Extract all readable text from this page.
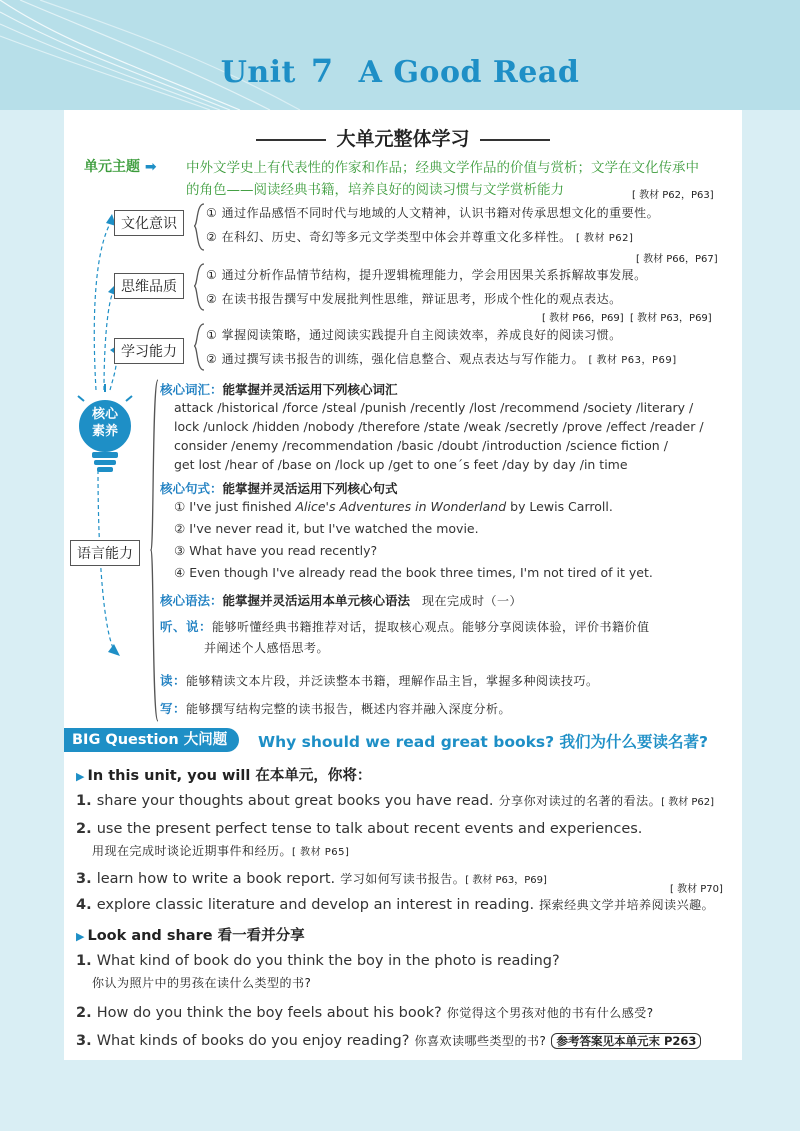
Unit 7 A Good Read
大单元整体学习
单元主题 ➡ 中外文学史上有代表性的作家和作品；经典文学作品的价值与赏析；文学在文化传承中
的角色——阅读经典书籍，培养良好的阅读习惯与文学赏析能力	[ 教材 P62，P63]
文化意识
① 通过作品感悟不同时代与地域的人文精神，认识书籍对传承思想文化的重要性。
② 在科幻、历史、奇幻等多元文学类型中体会并尊重文化多样性。 [ 教材 P62]
[ 教材 P66，P67]
思维品质
① 通过分析作品情节结构，提升逻辑梳理能力，学会用因果关系拆解故事发展。
② 在读书报告撰写中发展批判性思维，辩证思考，形成个性化的观点表达。
[ 教材 P66，P69] [ 教材 P63，P69]
学习能力
① 掌握阅读策略，通过阅读实践提升自主阅读效率，养成良好的阅读习惯。
② 通过撰写读书报告的训练，强化信息整合、观点表达与写作能力。 [ 教材 P63，P69]
核心
素养
语言能力
核心词汇：能掌握并灵活运用下列核心词汇
attack /historical /force /steal /punish /recently /lost /recommend /society /literary /
lock /unlock /hidden /nobody /therefore /state /weak /secretly /prove /effect /reader /
consider /enemy /recommendation /basic /doubt /introduction /science fiction /
get lost /hear of /base on /lock up /get to one´s feet /day by day /in time
核心句式：能掌握并灵活运用下列核心句式
① I've just finished Alice's Adventures in Wonderland by Lewis Carroll.
② I've never read it, but I've watched the movie.
③ What have you read recently?
④ Even though I've already read the book three times, I'm not tired of it yet.
核心语法：能掌握并灵活运用本单元核心语法 现在完成时（一）
听、说：能够听懂经典书籍推荐对话，提取核心观点。能够分享阅读体验，评价书籍价值
并阐述个人感悟思考。
读：能够精读文本片段，并泛读整本书籍，理解作品主旨，掌握多种阅读技巧。
写：能够撰写结构完整的读书报告，概述内容并融入深度分析。
BIG Question 大问题	Why should we read great books? 我们为什么要读名著?
▶ In this unit, you will 在本单元，你将：
1. share your thoughts about great books you have read. 分享你对读过的名著的看法。[ 教材 P62]
2. use the present perfect tense to talk about recent events and experiences.
用现在完成时谈论近期事件和经历。[ 教材 P65]
3. learn how to write a book report. 学习如何写读书报告。[ 教材 P63，P69]
[ 教材 P70]
4. explore classic literature and develop an interest in reading. 探索经典文学并培养阅读兴趣。
▶ Look and share 看一看并分享
1. What kind of book do you think the boy in the photo is reading?
你认为照片中的男孩在读什么类型的书?
2. How do you think the boy feels about his book? 你觉得这个男孩对他的书有什么感受?
3. What kinds of books do you enjoy reading? 你喜欢读哪些类型的书? 参考答案见本单元末 P263
